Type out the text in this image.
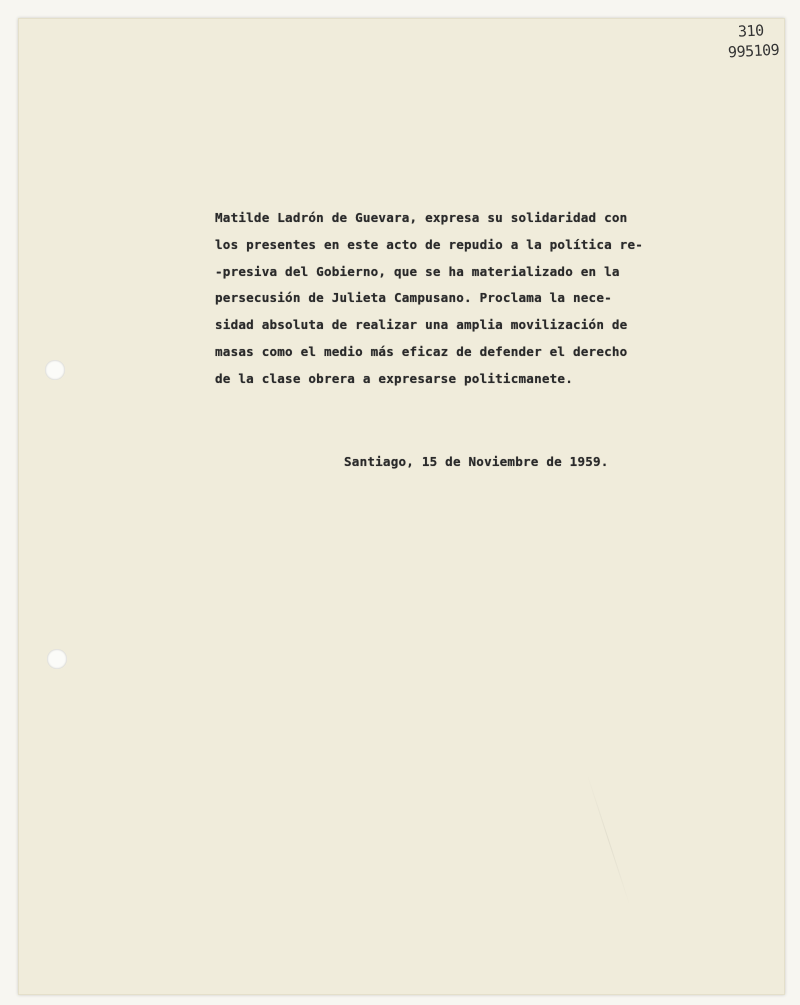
310
995109
Matilde Ladrón de Guevara, expresa su solidaridad con
los presentes en este acto de repudio a la política re-
-presiva del Gobierno, que se ha materializado en la
persecusión de Julieta Campusano. Proclama la nece-
sidad absoluta de realizar una amplia movilización de
masas como el medio más eficaz de defender el derecho
de la clase obrera a expresarse politicmanete.
Santiago, 15 de Noviembre de 1959.
